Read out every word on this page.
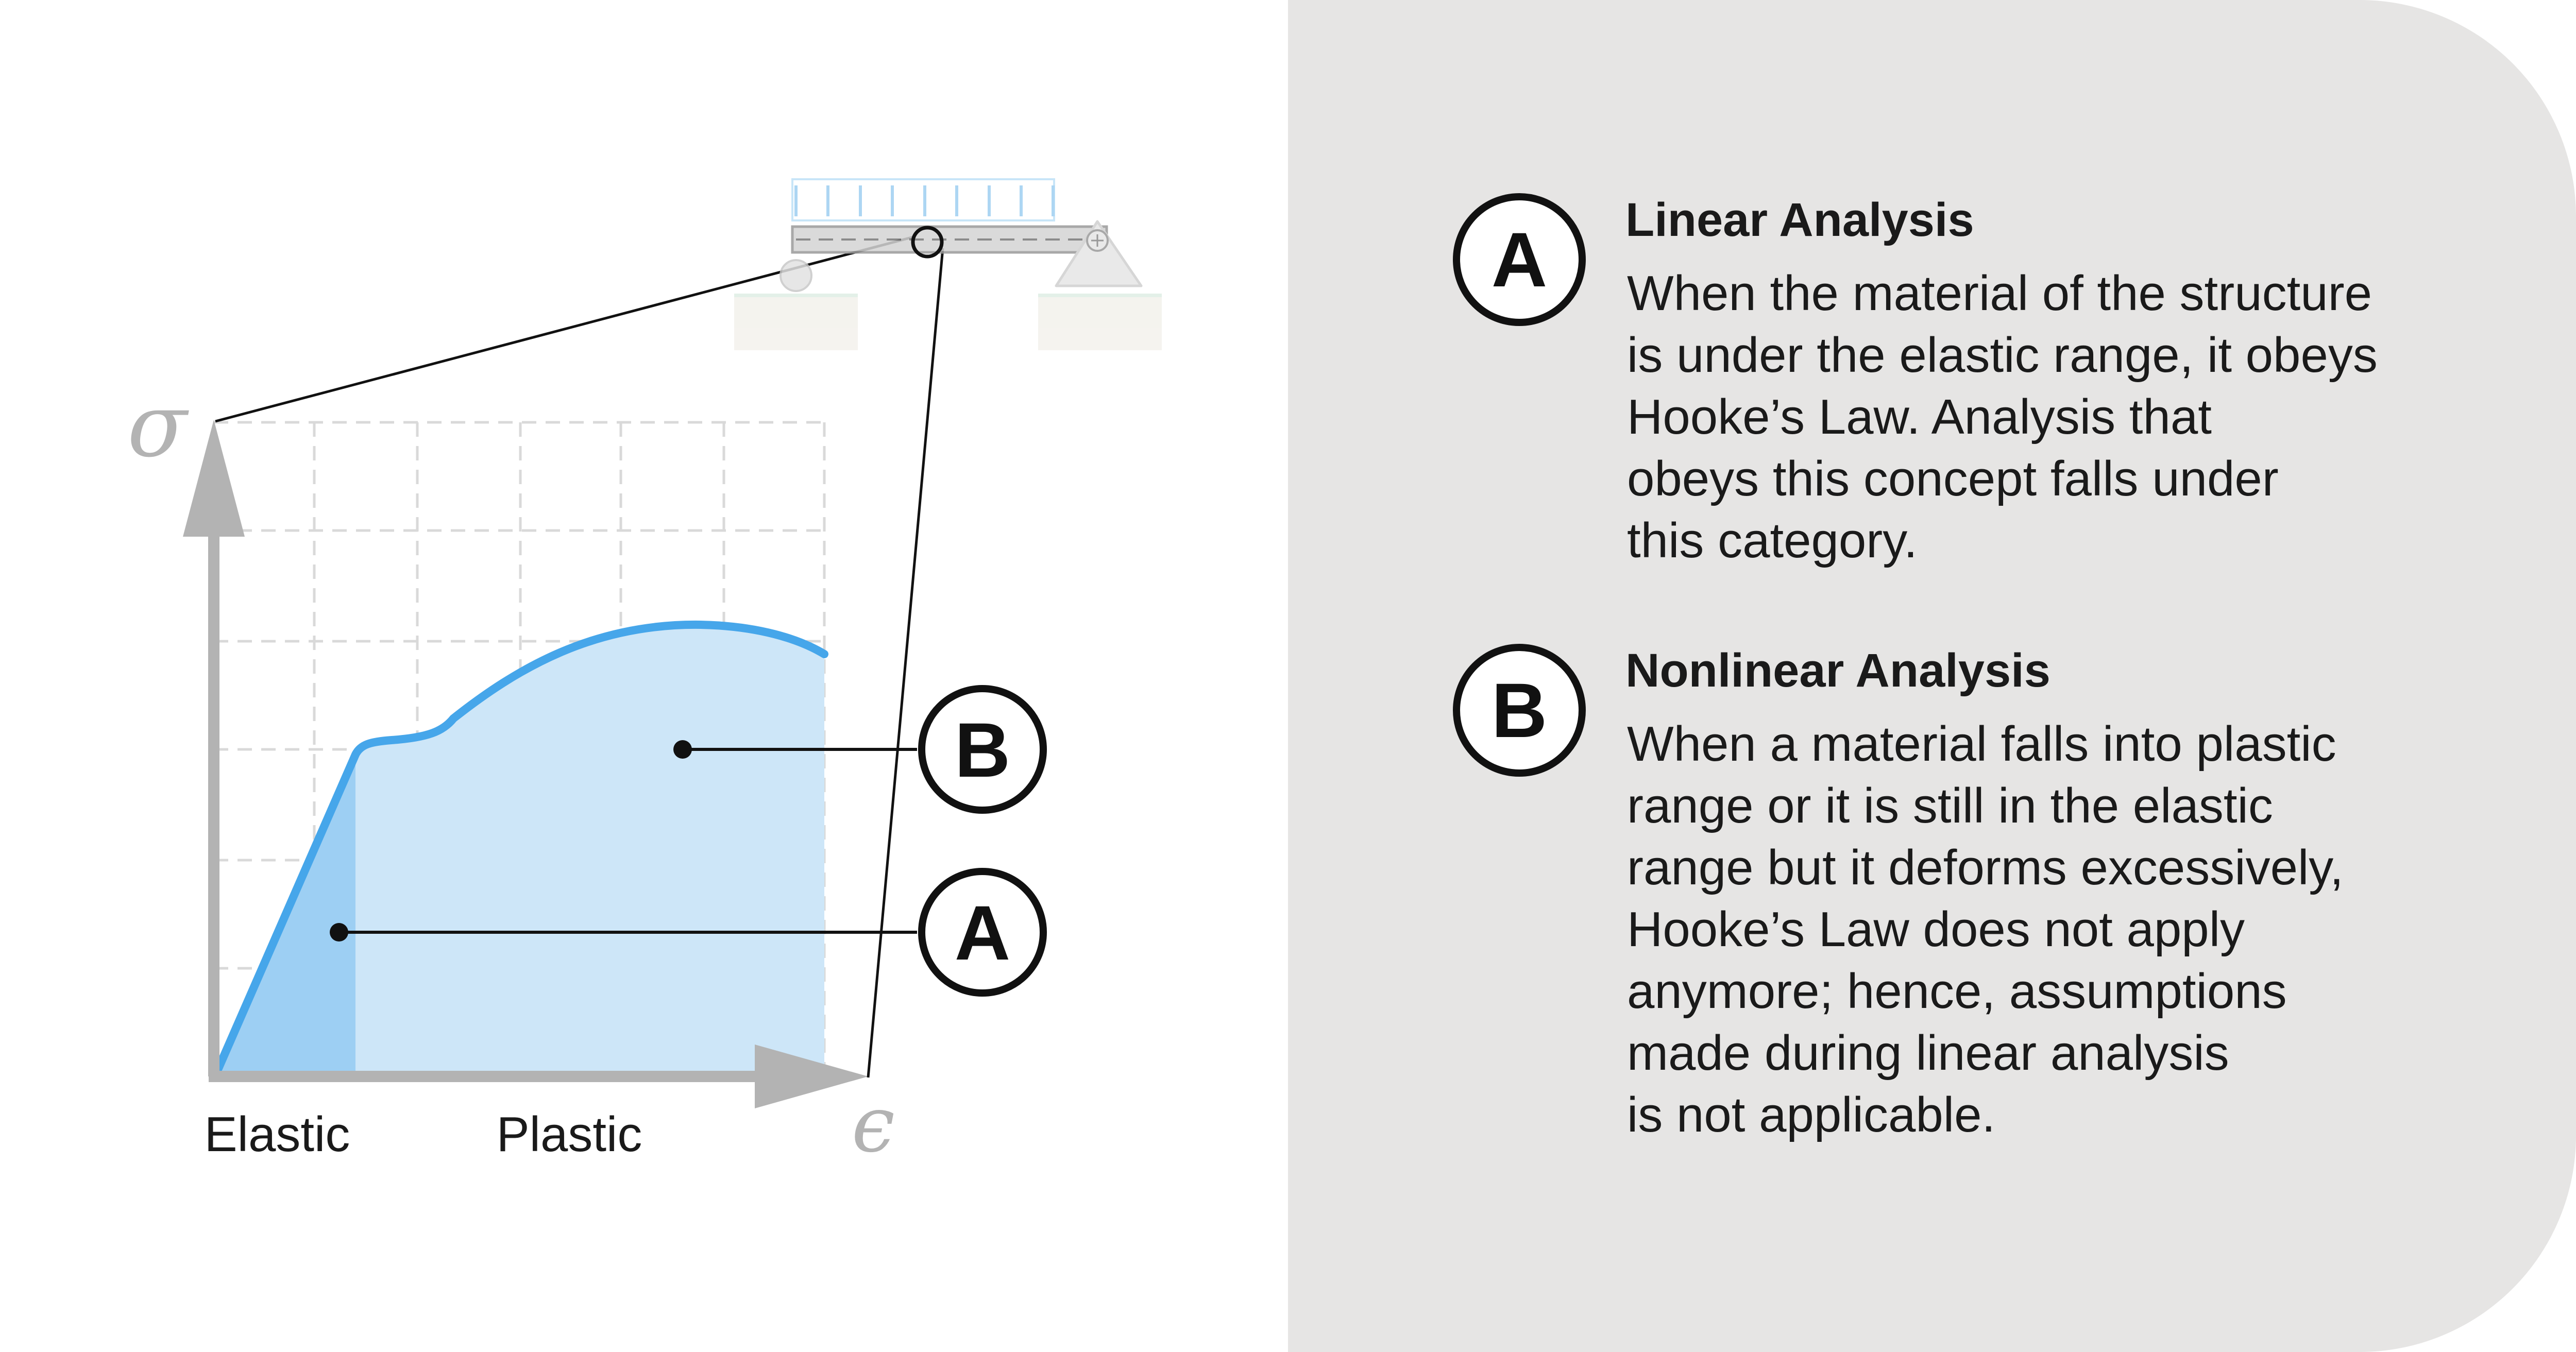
B
A
σ
ϵ
Elastic	Plastic
A	Linear Analysis

When the material of the structure
is under the elastic range, it obeys
Hooke’s Law. Analysis that
obeys this concept falls under
this category.

B	Nonlinear Analysis

When a material falls into plastic
range or it is still in the elastic
range but it deforms excessively,
Hooke’s Law does not apply
anymore; hence, assumptions
made during linear analysis
is not applicable.
